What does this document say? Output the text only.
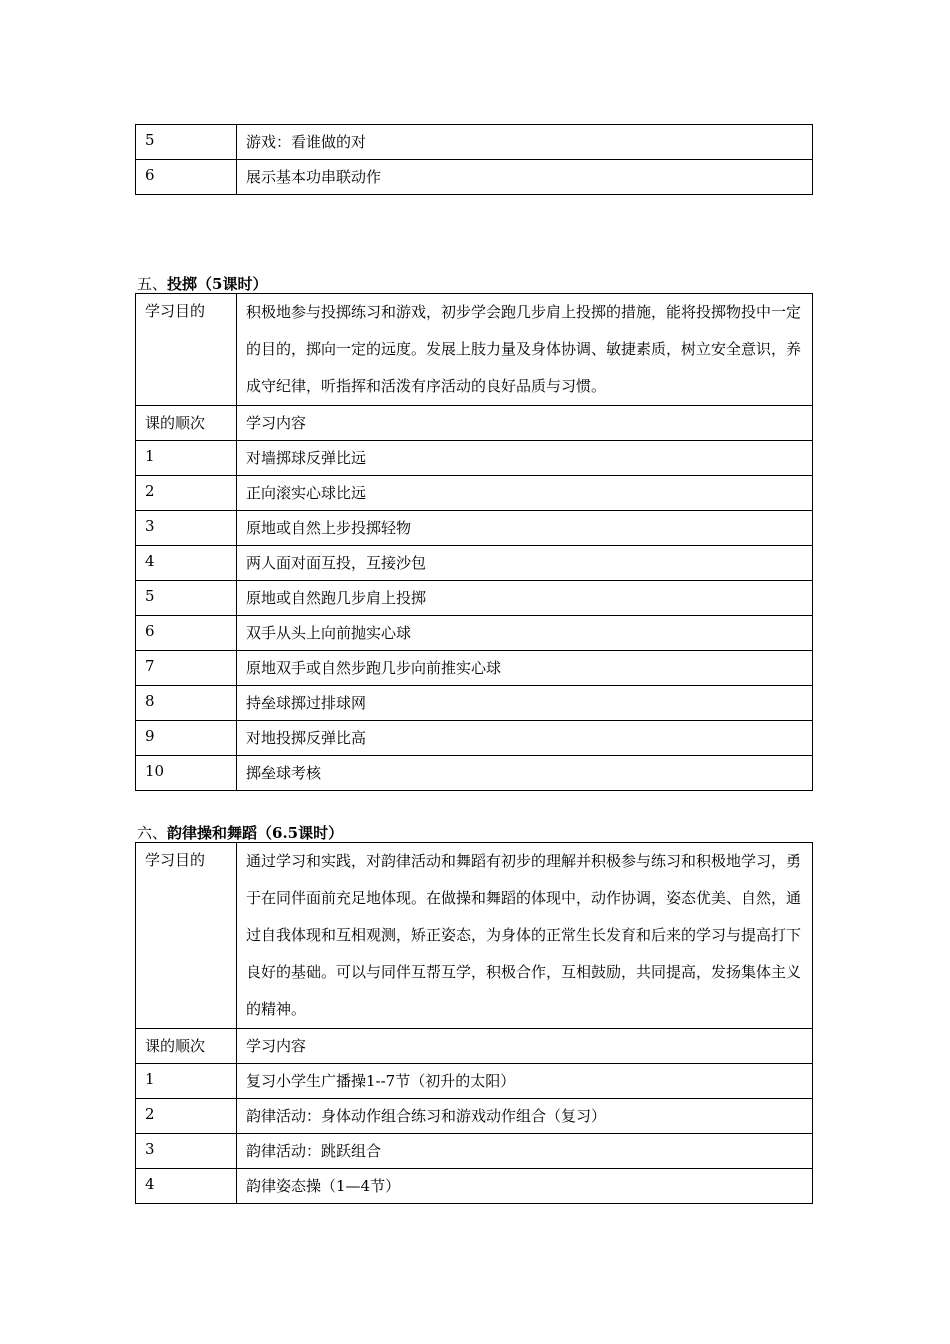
5	游戏：看谁做的对
6	展示基本功串联动作
五、投掷（5课时）
学习目的	积极地参与投掷练习和游戏，初步学会跑几步肩上投掷的措施，能将投掷物投中一定的目的，掷向一定的远度。发展上肢力量及身体协调、敏捷素质，树立安全意识，养成守纪律，听指挥和活泼有序活动的良好品质与习惯。
课的顺次	学习内容
1	对墙掷球反弹比远
2	正向滚实心球比远
3	原地或自然上步投掷轻物
4	两人面对面互投，互接沙包
5	原地或自然跑几步肩上投掷
6	双手从头上向前抛实心球
7	原地双手或自然步跑几步向前推实心球
8	持垒球掷过排球网
9	对地投掷反弹比高
10	掷垒球考核
六、韵律操和舞蹈（6.5课时）
学习目的	通过学习和实践，对韵律活动和舞蹈有初步的理解并积极参与练习和积极地学习，勇于在同伴面前充足地体现。在做操和舞蹈的体现中，动作协调，姿态优美、自然，通过自我体现和互相观测，矫正姿态，为身体的正常生长发育和后来的学习与提高打下良好的基础。可以与同伴互帮互学，积极合作，互相鼓励，共同提高，发扬集体主义的精神。
课的顺次	学习内容
1	复习小学生广播操1--7节（初升的太阳）
2	韵律活动：身体动作组合练习和游戏动作组合（复习）
3	韵律活动：跳跃组合
4	韵律姿态操（1—4节）
